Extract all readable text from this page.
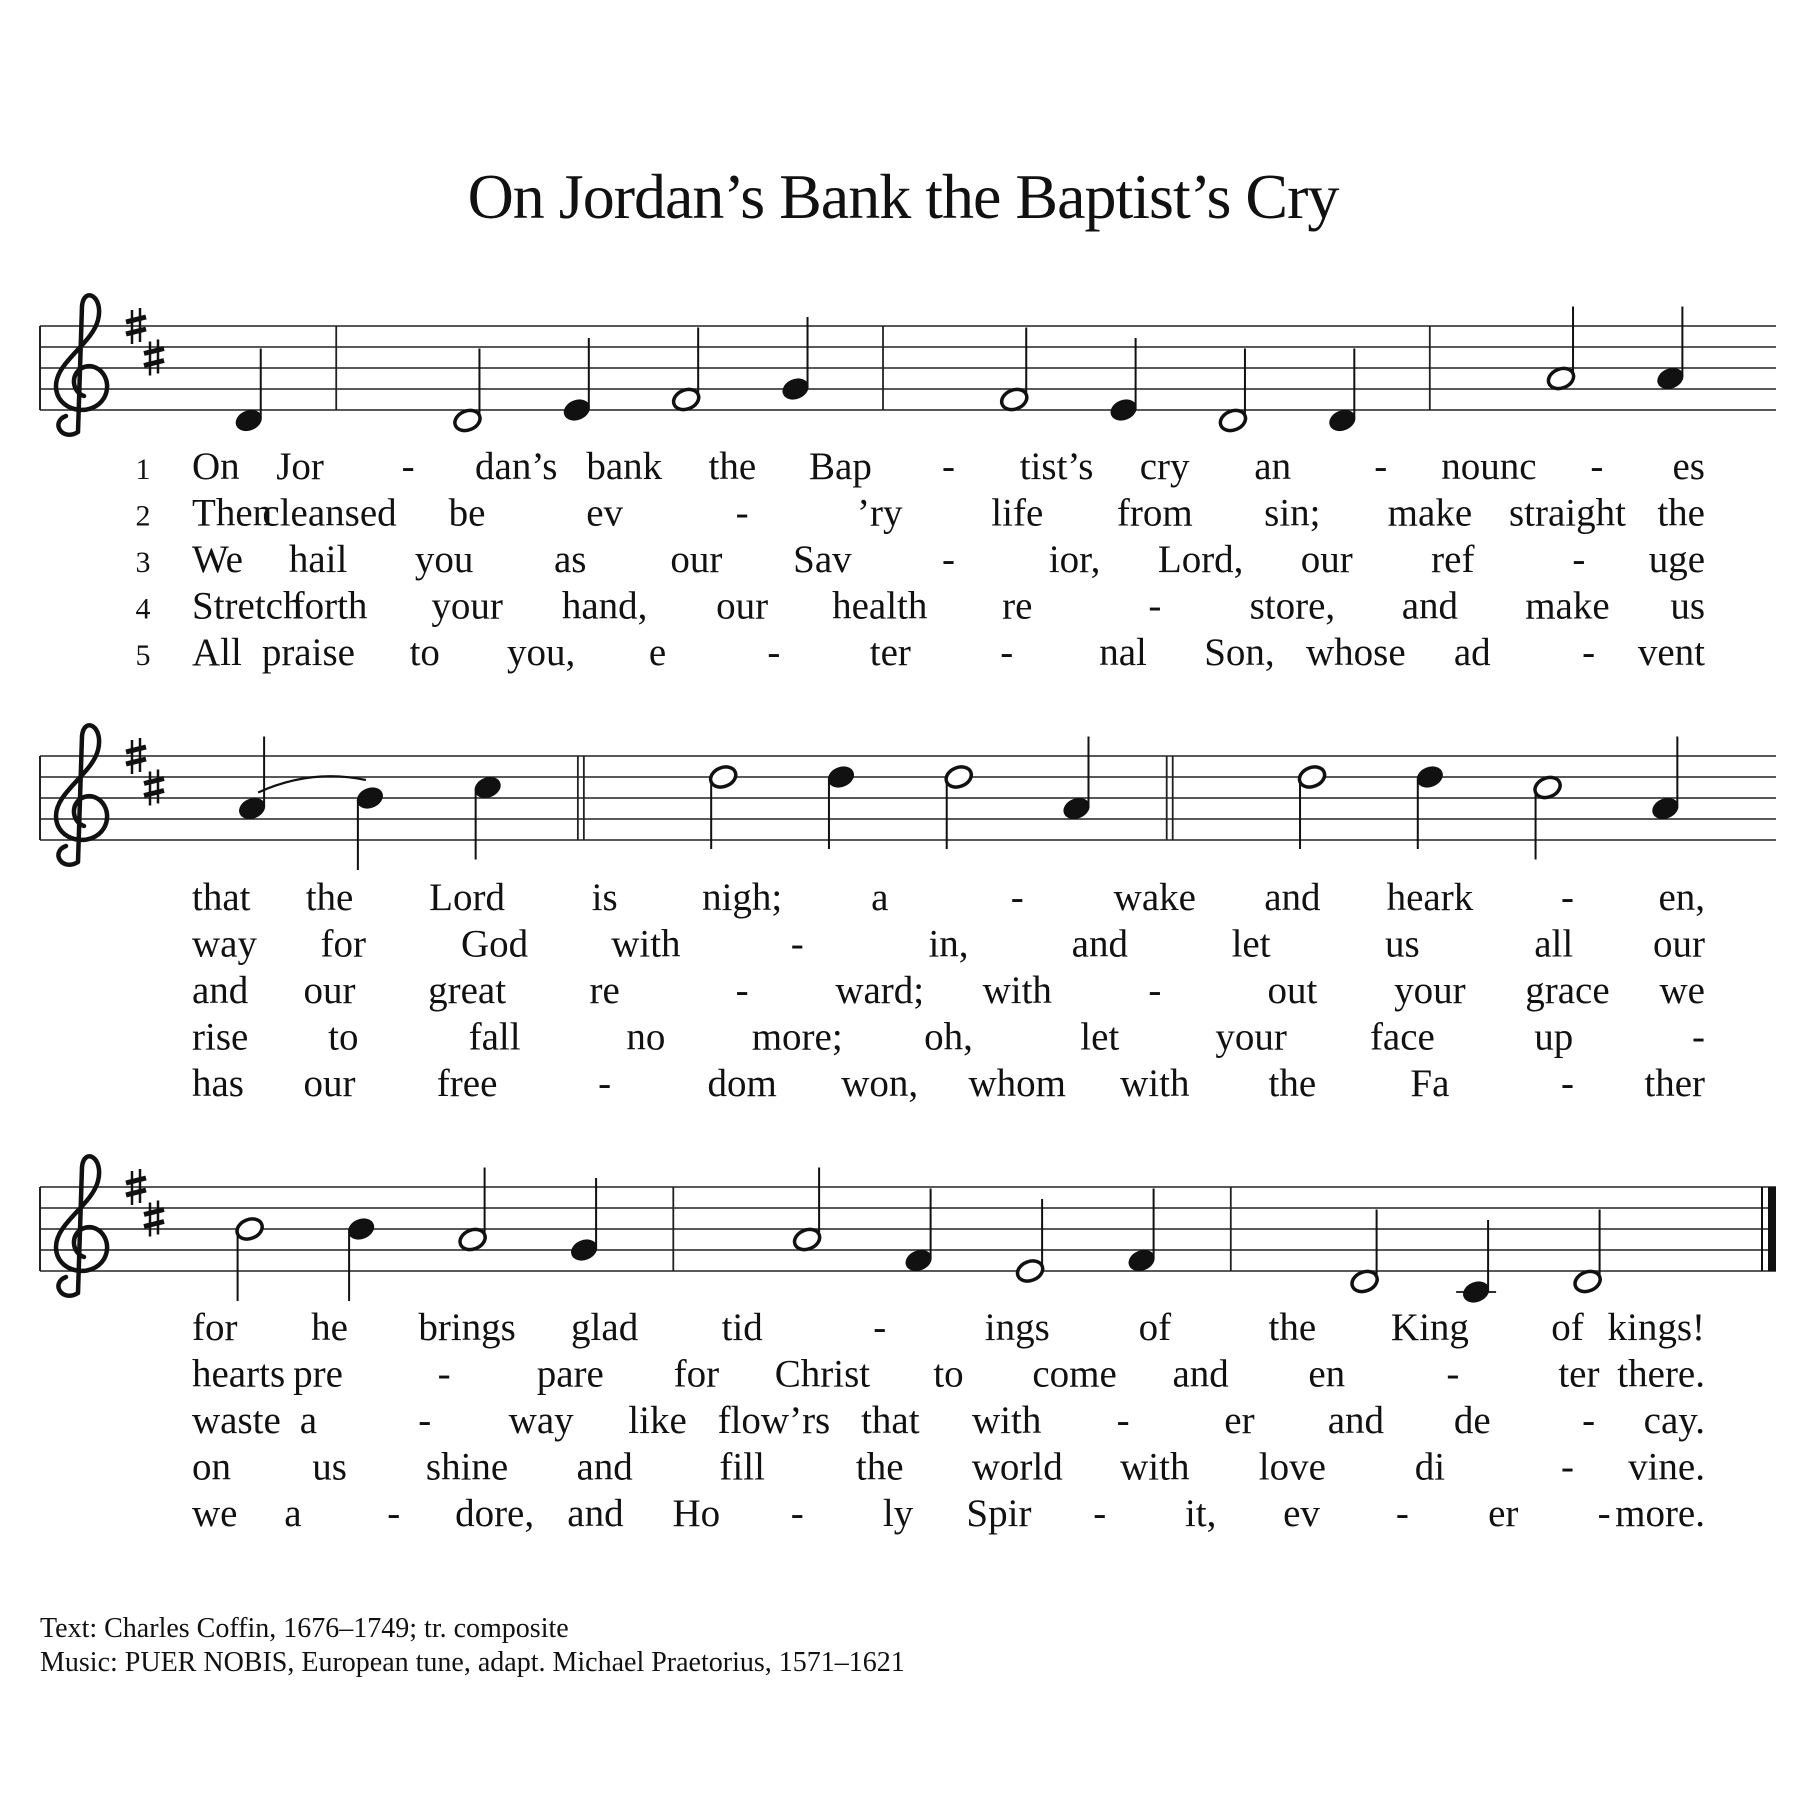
On Jordan’s Bank the Baptist’s Cry
1 On Jor - dan’s bank the Bap - tist’s cry an - nounc - es
2 Then
cleansed be	ev	-	’ry life from sin; make straight the
3 We hail you as our Sav - ior, Lord, our ref	- uge
4 Stretch
forth your hand, our health re	- store, and make us
5 All praise to you, e	- ter - nal Son, whose ad - vent
that the Lord is nigh; a	- wake and heark - en,
way for God with	-	in,	and	let	us	all our
and our great re	- ward; with -	out your grace we
rise to	fall	no more; oh,	let your face	up	-
has our free	- dom won, whom with the Fa	- ther
for he brings glad tid	-	ings of the King of kings!
hearts pre - pare for Christ to come and en	-	ter there.
waste a	- way like flow’rs that with - er and de - cay.
on us shine and fill the world with love di	- vine.
we a - dore, and Ho - ly Spir - it, ev - er - more.
Text: Charles Coffin, 1676–1749; tr. composite
Music: PUER NOBIS, European tune, adapt. Michael Praetorius, 1571–1621
